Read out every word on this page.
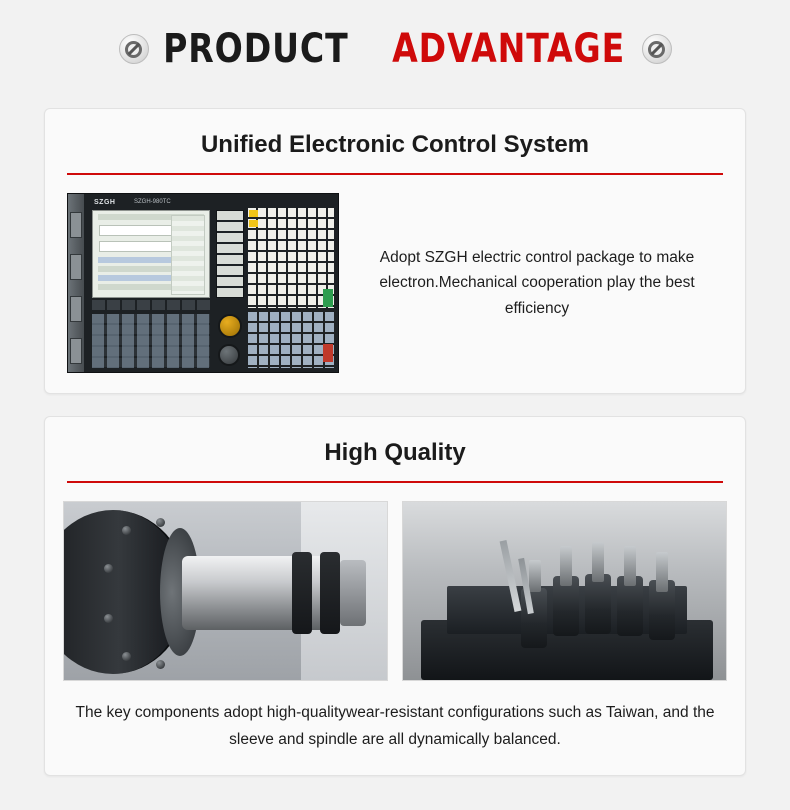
PRODUCT ADVANTAGE
Unified Electronic Control System
SZGH	SZGH-980TC
Adopt SZGH electric control package to make electron.Mechanical cooperation play the best efficiency
High Quality
The key components adopt high-qualitywear-resistant configurations such as Taiwan, and the sleeve and spindle are all dynamically balanced.
